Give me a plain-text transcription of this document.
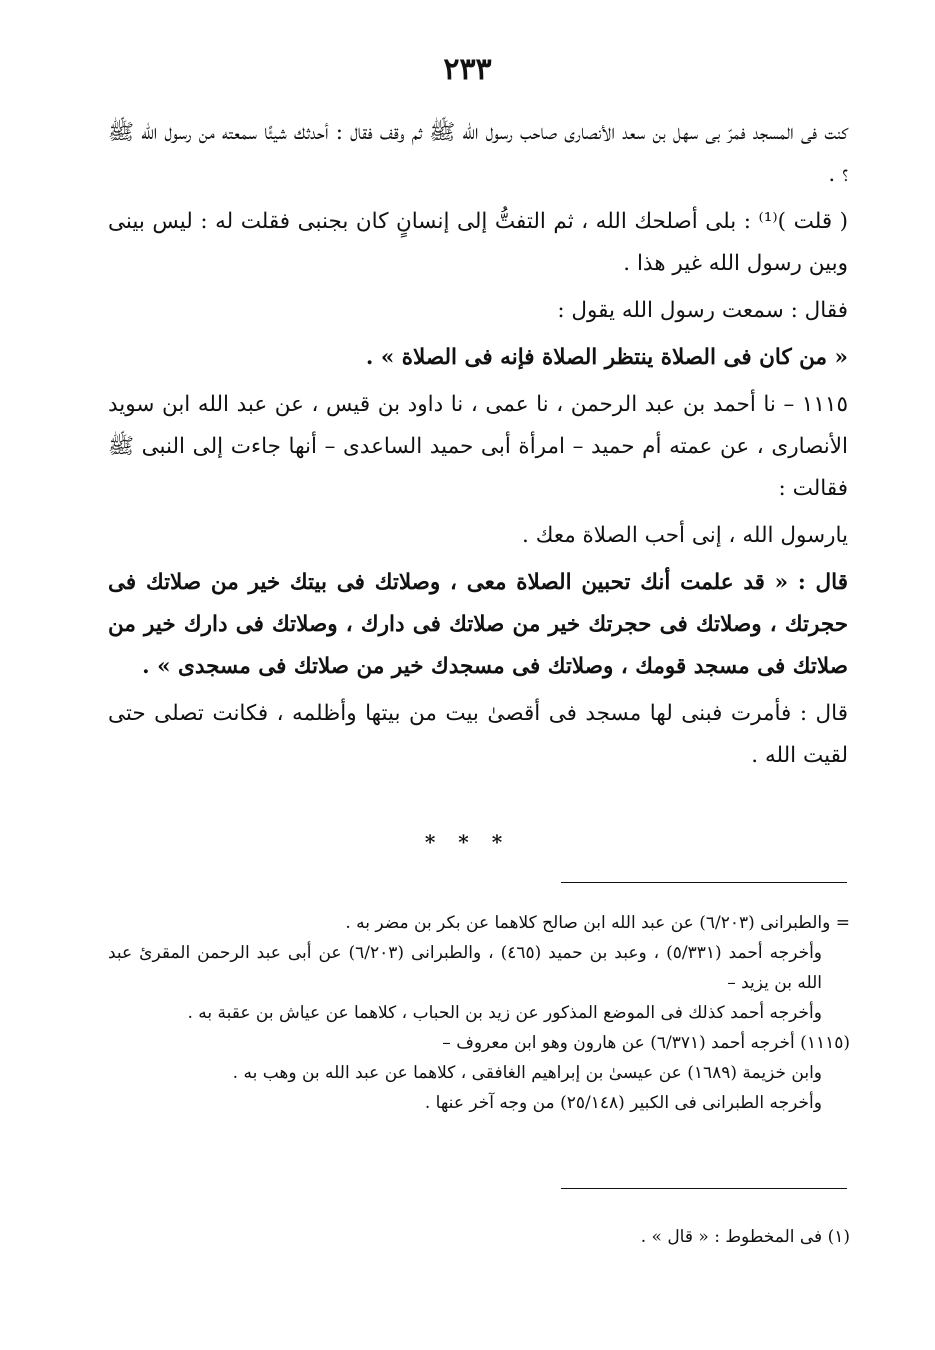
٢٣٣

كنت فى المسجد فمرّ بى سهل بن سعد الأنصارى صاحب رسول الله ﷺ ثم وقف فقال : أحدثك شيئًا سمعته من رسول الله ﷺ ؟ .

( قلت )⁽¹⁾ : بلى أصلحك الله ، ثم التفتُّ إلى إنسانٍ كان بجنبى فقلت له : ليس بينى وبين رسول الله غير هذا .

فقال : سمعت رسول الله يقول :

« من كان فى الصلاة ينتظر الصلاة فإنه فى الصلاة » .

١١١٥ – نا أحمد بن عبد الرحمن ، نا عمى ، نا داود بن قيس ، عن عبد الله ابن سويد الأنصارى ، عن عمته أم حميد – امرأة أبى حميد الساعدى – أنها جاءت إلى النبى ﷺ فقالت :

يارسول الله ، إنى أحب الصلاة معك .

قال : « قد علمت أنك تحبين الصلاة معى ، وصلاتك فى بيتك خير من صلاتك فى حجرتك ، وصلاتك فى حجرتك خير من صلاتك فى دارك ، وصلاتك فى دارك خير من صلاتك فى مسجد قومك ، وصلاتك فى مسجدك خير من صلاتك فى مسجدى » .

قال : فأمرت فبنى لها مسجد فى أقصىٰ بيت من بيتها وأظلمه ، فكانت تصلى حتى لقيت الله .

* * *

= والطبرانى (٦/٢٠٣) عن عبد الله ابن صالح كلاهما عن بكر بن مضر به .

وأخرجه أحمد (٥/٣٣١) ، وعبد بن حميد (٤٦٥) ، والطبرانى (٦/٢٠٣) عن أبى عبد الرحمن المقرئ عبد الله بن يزيد –

وأخرجه أحمد كذلك فى الموضع المذكور عن زيد بن الحباب ، كلاهما عن عياش بن عقبة به .

(١١١٥) أخرجه أحمد (٦/٣٧١) عن هارون وهو ابن معروف –

وابن خزيمة (١٦٨٩) عن عيسىٰ بن إبراهيم الغافقى ، كلاهما عن عبد الله بن وهب به .

وأخرجه الطبرانى فى الكبير (٢٥/١٤٨) من وجه آخر عنها .

(١) فى المخطوط : « قال » .
